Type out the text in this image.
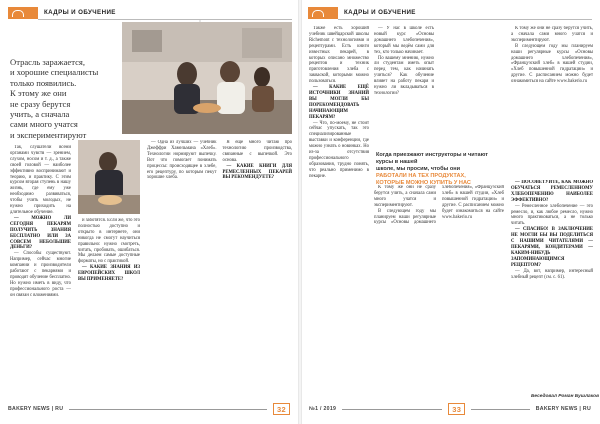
КАДРЫ И ОБУЧЕНИЕ
Отрасль заражается,
и хорошие специалисты
только появились.
К этому же они
не сразу берутся
учить, а сначала
сами много учатся
и экспериментируют

Так, слушатели всеми органами чувств — зрением, слухом, носом и т. д., а также своей головой — наиболее эффективно воспринимают и теорию, и практику. С этим курсом вторая ступень в нашу жизнь, где ему уже необходимо развиваться, чтобы учить молодых, не нужно приходить на длительное обучение.

— МОЖНО ЛИ СЕГОДНЯ ПЕКАРЯМ ПОЛУЧИТЬ ЗНАНИЯ БЕСПЛАТНО ИЛИ ЗА СОВСЕМ НЕБОЛЬШИЕ ДЕНЬГИ?

— Способы существуют. Например, сейчас многие компании и производители работают с пекарнями и проводят обучение бесплатно. Но нужно иметь в виду, что профессионального роста — он связан с вложениями.

и заботятся. Если же, что это полностью доступно и открыто в интернете, они никогда не смогут научиться правильно: нужно смотреть, читать, пробовать, ошибаться. Мы делаем самые доступные форматы, но с практикой.

— КАКИЕ ЗНАНИЯ ИЗ ЕВРОПЕЙСКИХ ШКОЛ ВЫ ПРИМЕНЯЕТЕ?

— Одна из лучших — учебник Джеффри Хамельмана «Хлеб». Технологии нормируют выпечку. Вот что помогает понимать процессы: происходящее в хлебе, его рецептуру, по которым пекут хорошие хлеба.

Я ещё много читаю про технологию производства, связанные с выпечкой. Это основа.

— КАКИЕ КНИГИ ДЛЯ РЕМЕСЛЕННЫХ ПЕКАРЕЙ ВЫ РЕКОМЕНДУЕТЕ?

BAKERY NEWS | RU	32
КАДРЫ И ОБУЧЕНИЕ

Также есть хороший учебник швейцарской школы Richemont с технологиями и рецептурами. Есть книги известных пекарей, в которых описано множество рецептов и техник приготовления хлеба с закваской, которыми можно пользоваться.

— КАКИЕ ЕЩЁ ИСТОЧНИКИ ЗНАНИЙ ВЫ МОГЛИ БЫ ПОРЕКОМЕНДОВАТЬ НАЧИНАЮЩИМ ПЕКАРЯМ?

— Что, по-моему, не стоит сейчас упускать, так это специализированные выставки и конференции, где можно узнать о новинках. Но из-за отсутствия профессионального образования, трудно понять, что реально применимо в пекарне.

— У нас в школе есть новый курс «Основы домашнего хлебопечения», который мы ведём сами для тех, кто только начинает.

По вашему мнению, нужно ли студентам иметь опыт перед тем, как начинать учиться? Как обучение влияет на работу пекаря и нужно ли вкладываться в технологии?

Когда приезжают инструкторы и читают курсы в нашей
школе, мы просим, чтобы они
РАБОТАЛИ НА ТЕХ ПРОДУКТАХ,
КОТОРЫЕ МОЖНО КУПИТЬ У НАС

К тому же они не сразу берутся учить, а сначала сами много учатся и экспериментируют.

В следующем году мы планируем наши регулярные курсы «Основы домашнего хлебопечения», «Французский хлеб» в нашей студии, «Хлеб повышенной гидратации» и другие. С расписанием можно будет ознакомиться на сайте www.bakerio.ru

К тому же они не сразу берутся учить, а сначала сами много учатся и экспериментируют.

В следующем году мы планируем наши регулярные курсы «Основы домашнего хлебопечения», «Французский хлеб» в нашей студии, «Хлеб повышенной гидратации» и другие. С расписанием можно будет ознакомиться на сайте www.bakerio.ru

— ПОСОВЕТУЙТЕ, КАК МОЖНО ОБУЧАТЬСЯ РЕМЕСЛЕННОМУ ХЛЕБОПЕЧЕНИЮ НАИБОЛЕЕ ЭФФЕКТИВНО?

— Ремесленное хлебопечение — это ремесло, и, как любое ремесло, нужно много практиковаться, а не только читать.

— СПАСИБО! В ЗАКЛЮЧЕНИЕ НЕ МОГЛИ БЫ ВЫ ПОДЕЛИТЬСЯ С НАШИМИ ЧИТАТЕЛЯМИ — ПЕКАРЯМИ, КОНДИТЕРАМИ — КАКИМ-НИБУДЬ ЗАПОМИНАЮЩИМСЯ РЕЦЕПТОМ?

— Да, вот, например, интересный хлебный рецепт (см. с. 61).

Беседовал Роман Бушлаков
№1 / 2019	33	BAKERY NEWS | RU
